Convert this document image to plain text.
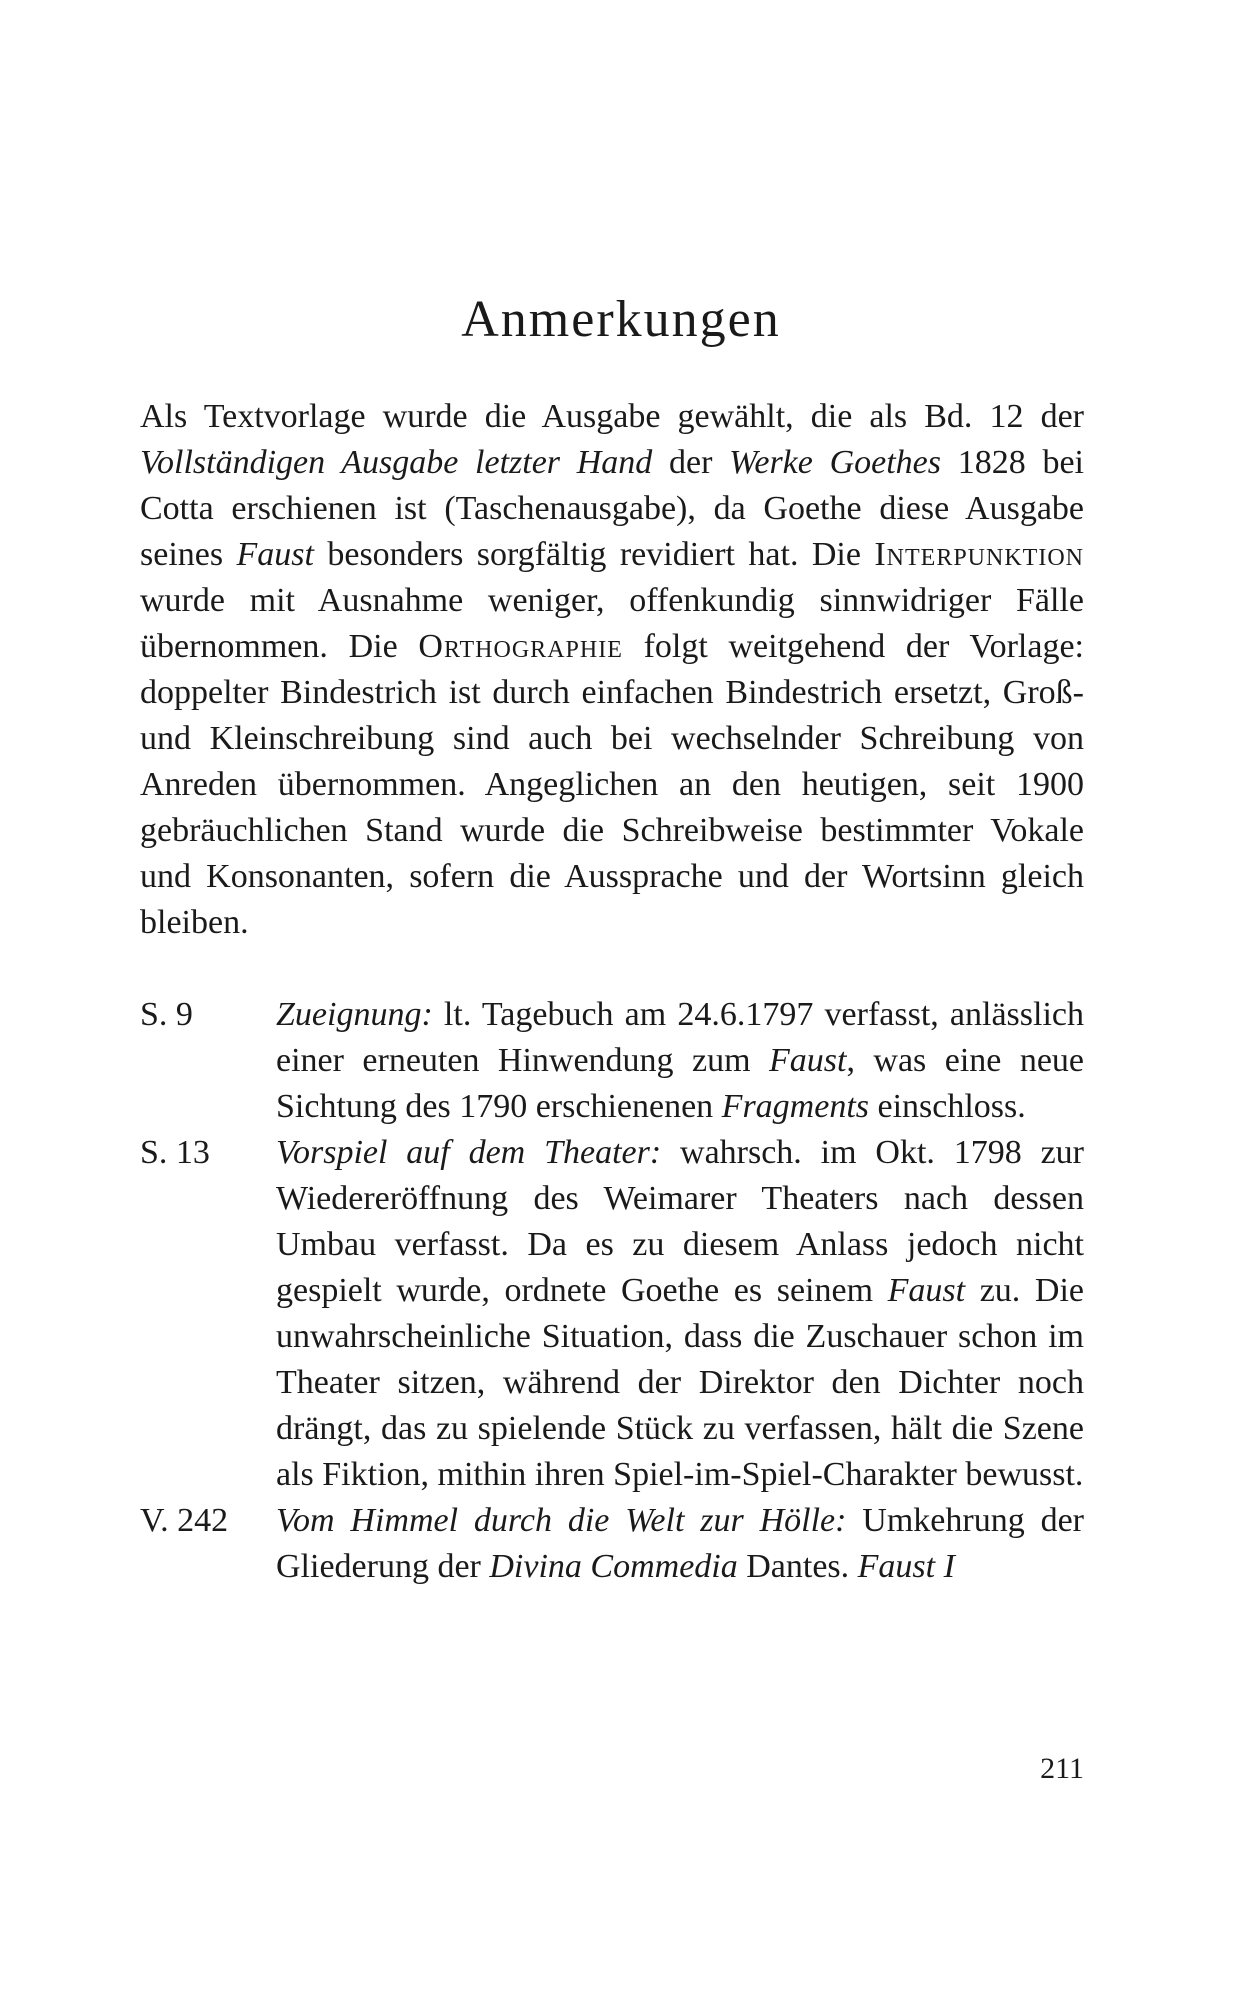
Anmerkungen

Als Textvorlage wurde die Ausgabe gewählt, die als Bd. 12 der Vollständigen Ausgabe letzter Hand der Werke Goethes 1828 bei Cotta erschienen ist (Taschenausgabe), da Goethe diese Ausgabe seines Faust besonders sorgfältig revidiert hat. Die Interpunktion wurde mit Ausnahme weniger, offenkundig sinnwidriger Fälle übernommen. Die Orthographie folgt weitgehend der Vorlage: doppelter Bindestrich ist durch einfachen Bindestrich ersetzt, Groß- und Kleinschreibung sind auch bei wechselnder Schreibung von Anreden übernommen. Angeglichen an den heutigen, seit 1900 gebräuchlichen Stand wurde die Schreibweise bestimmter Vokale und Konsonanten, sofern die Aussprache und der Wortsinn gleich bleiben.

S. 9	Zueignung: lt. Tagebuch am 24.6.1797 verfasst, anlässlich einer erneuten Hinwendung zum Faust, was eine neue Sichtung des 1790 erschienenen Fragments einschloss.
S. 13	Vorspiel auf dem Theater: wahrsch. im Okt. 1798 zur Wiedereröffnung des Weimarer Theaters nach dessen Umbau verfasst. Da es zu diesem Anlass jedoch nicht gespielt wurde, ordnete Goethe es seinem Faust zu. Die unwahrscheinliche Situation, dass die Zuschauer schon im Theater sitzen, während der Direktor den Dichter noch drängt, das zu spielende Stück zu verfassen, hält die Szene als Fiktion, mithin ihren Spiel-im-Spiel-Charakter bewusst.
V. 242	Vom Himmel durch die Welt zur Hölle: Umkehrung der Gliederung der Divina Commedia Dantes. Faust I
211
